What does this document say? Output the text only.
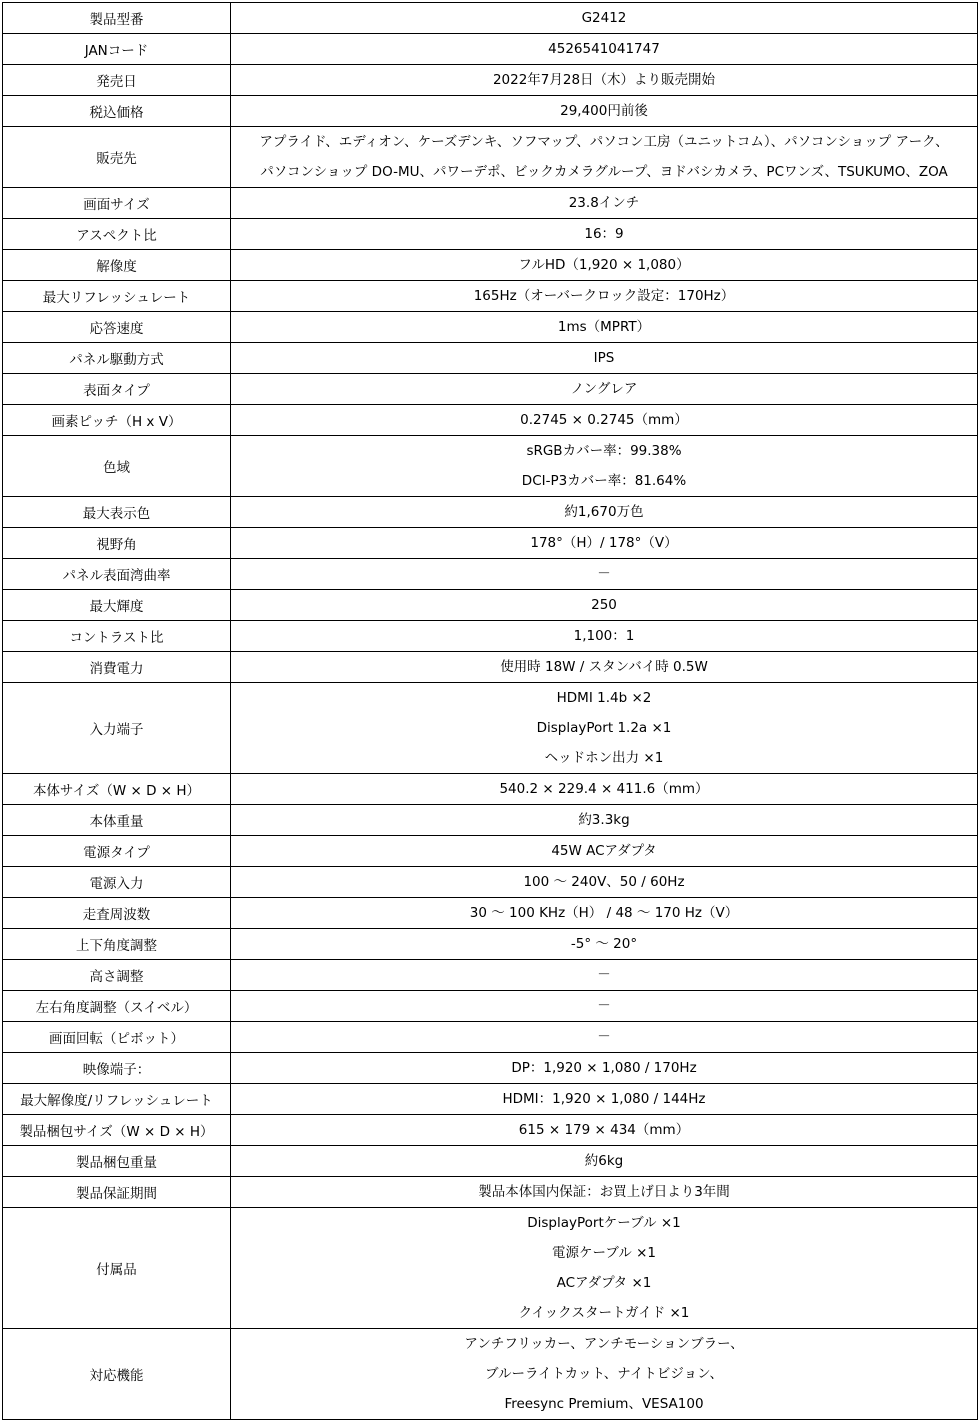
製品型番	G2412

JANコード	4526541041747

発売日	2022年7月28日（木）より販売開始

税込価格	29,400円前後

販売先	アプライド、エディオン、ケーズデンキ、ソフマップ、パソコン工房（ユニットコム）、パソコンショップ アーク、
パソコンショップ DO-MU、パワーデポ、ビックカメラグループ、ヨドバシカメラ、PCワンズ、TSUKUMO、ZOA

画面サイズ	23.8インチ

アスペクト比	16：9

解像度	フルHD（1,920 × 1,080）

最大リフレッシュレート	165Hz（オーバークロック設定：170Hz）

応答速度	1ms（MPRT）

パネル駆動方式	IPS

表面タイプ	ノングレア

画素ピッチ（H x V）	0.2745 × 0.2745（mm）

色域	sRGBカバー率：99.38%
DCI-P3カバー率：81.64%

最大表示色	約1,670万色

視野角	178°（H）/ 178°（V）

パネル表面湾曲率	－

最大輝度	250

コントラスト比	1,100：1

消費電力	使用時 18W / スタンバイ時 0.5W

入力端子	HDMI 1.4b ×2
DisplayPort 1.2a ×1
ヘッドホン出力 ×1

本体サイズ（W × D × H）	540.2 × 229.4 × 411.6（mm）

本体重量	約3.3kg

電源タイプ	45W ACアダプタ

電源入力	100 ～ 240V、50 / 60Hz

走査周波数	30 ～ 100 KHz（H） / 48 ～ 170 Hz（V）

上下角度調整	-5° ～ 20°

高さ調整	－

左右角度調整（スイベル）	－

画面回転（ピボット）	－

映像端子：	DP：1,920 × 1,080 / 170Hz

最大解像度/リフレッシュレート	HDMI：1,920 × 1,080 / 144Hz

製品梱包サイズ（W × D × H）	615 × 179 × 434（mm）

製品梱包重量	約6kg

製品保証期間	製品本体国内保証：お買上げ日より3年間

付属品	DisplayPortケーブル ×1
電源ケーブル ×1
ACアダプタ ×1
クイックスタートガイド ×1

対応機能	アンチフリッカー、アンチモーションブラー、
ブルーライトカット、ナイトビジョン、
Freesync Premium、VESA100
